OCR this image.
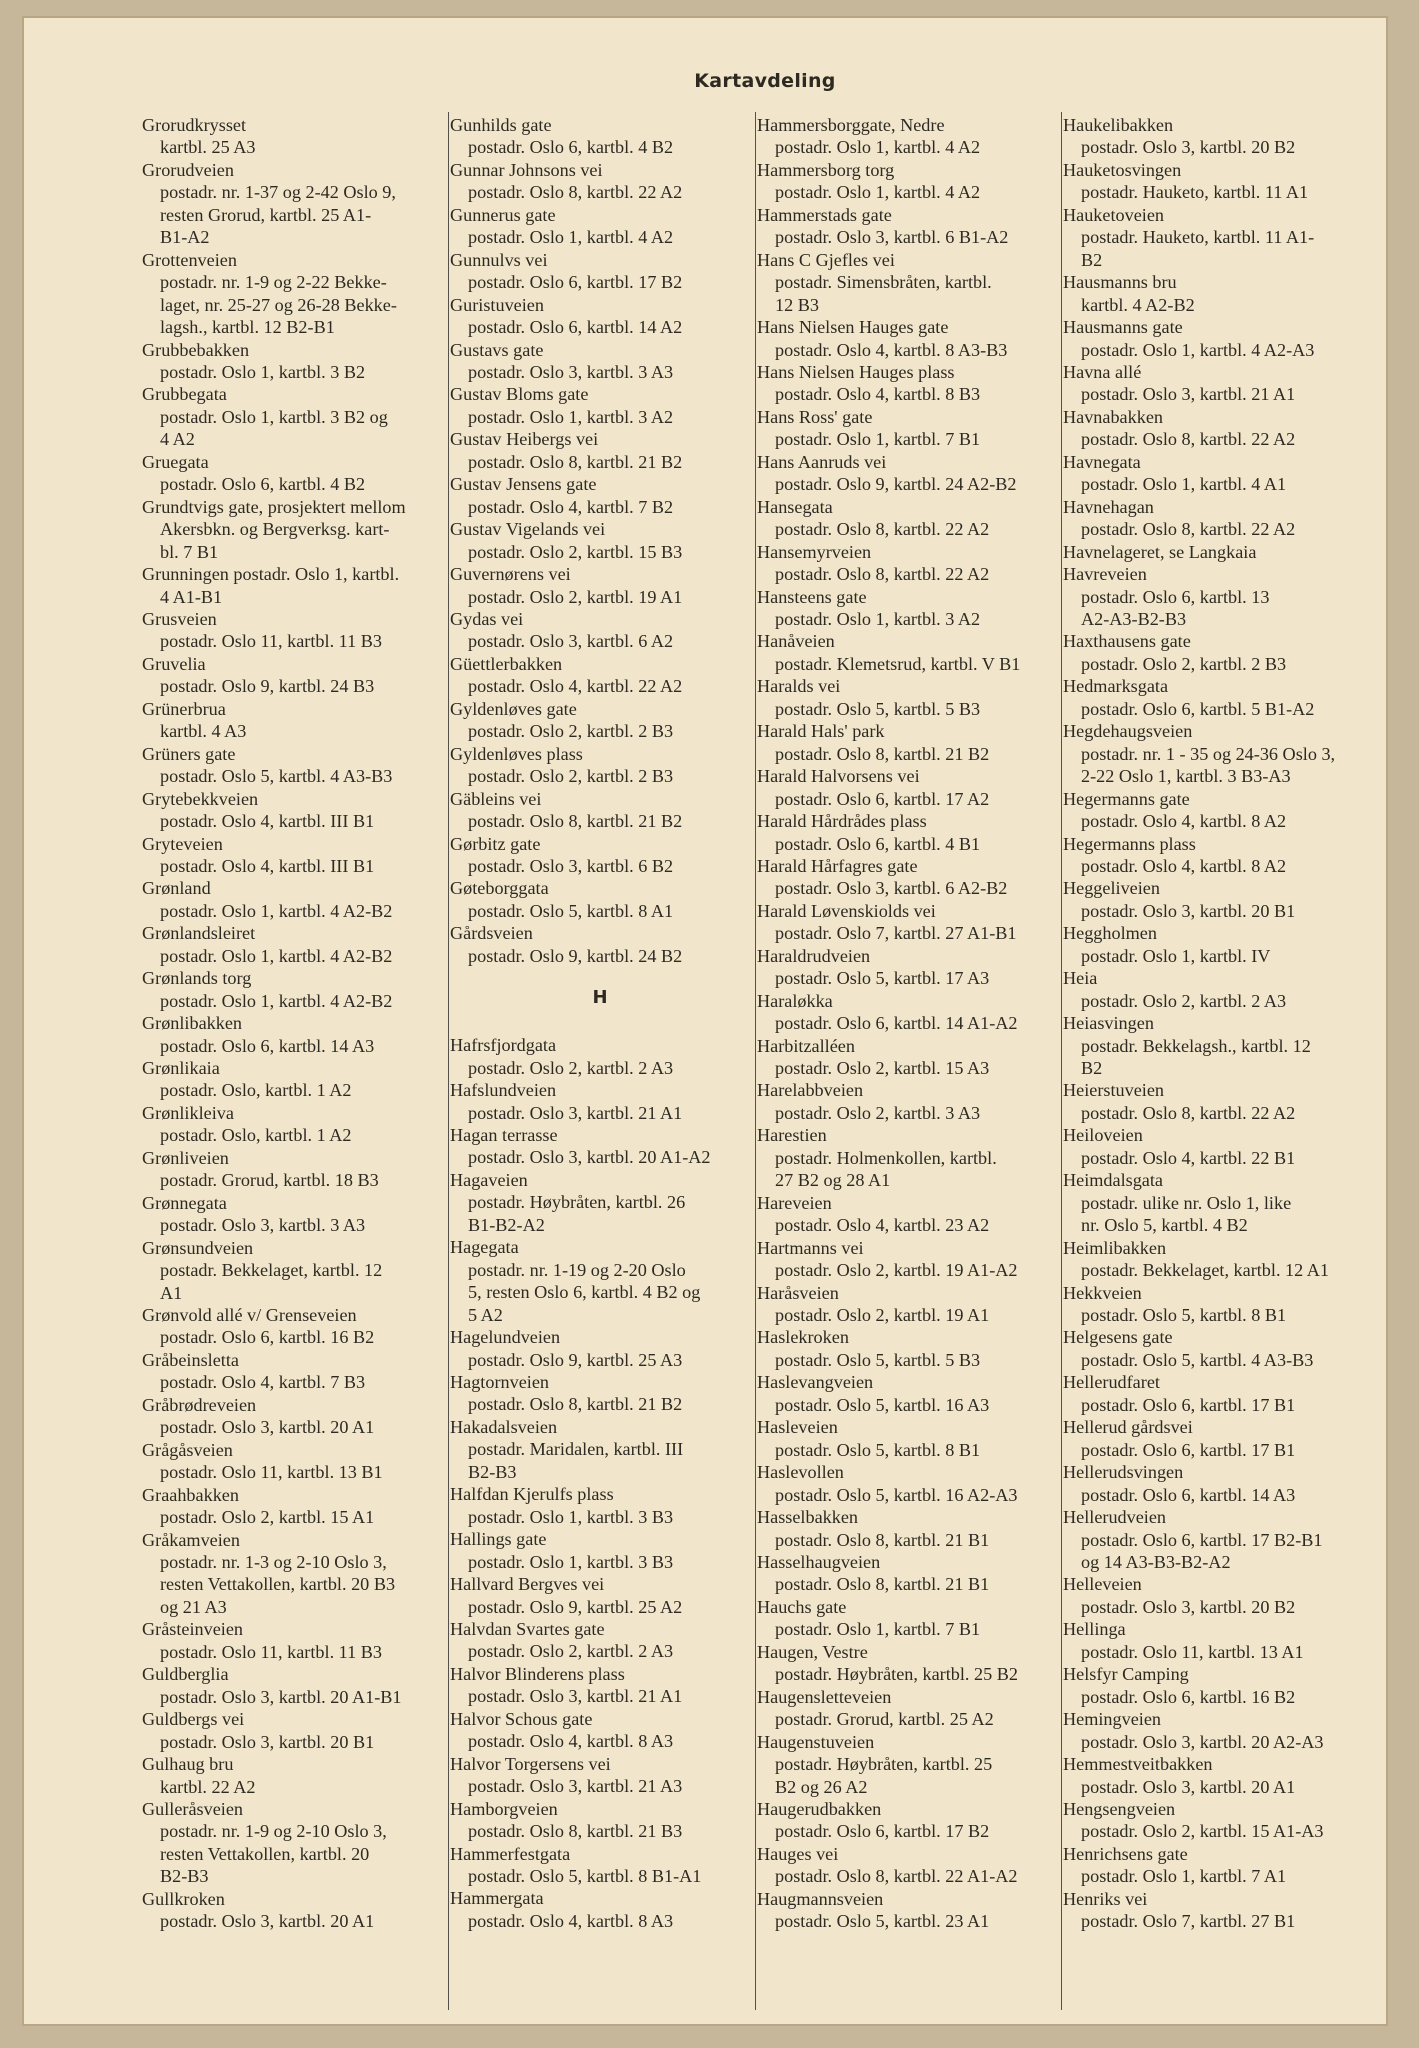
Kartavdeling
Grorudkrysset
kartbl. 25 A3
Grorudveien
postadr. nr. 1-37 og 2-42 Oslo 9,
resten Grorud, kartbl. 25 A1-
B1-A2
Grottenveien
postadr. nr. 1-9 og 2-22 Bekke-
laget, nr. 25-27 og 26-28 Bekke-
lagsh., kartbl. 12 B2-B1
Grubbebakken
postadr. Oslo 1, kartbl. 3 B2
Grubbegata
postadr. Oslo 1, kartbl. 3 B2 og
4 A2
Gruegata
postadr. Oslo 6, kartbl. 4 B2
Grundtvigs gate, prosjektert mellom
Akersbkn. og Bergverksg. kart-
bl. 7 B1
Grunningen postadr. Oslo 1, kartbl.
4 A1-B1
Grusveien
postadr. Oslo 11, kartbl. 11 B3
Gruvelia
postadr. Oslo 9, kartbl. 24 B3
Grünerbrua
kartbl. 4 A3
Grüners gate
postadr. Oslo 5, kartbl. 4 A3-B3
Grytebekkveien
postadr. Oslo 4, kartbl. III B1
Gryteveien
postadr. Oslo 4, kartbl. III B1
Grønland
postadr. Oslo 1, kartbl. 4 A2-B2
Grønlandsleiret
postadr. Oslo 1, kartbl. 4 A2-B2
Grønlands torg
postadr. Oslo 1, kartbl. 4 A2-B2
Grønlibakken
postadr. Oslo 6, kartbl. 14 A3
Grønlikaia
postadr. Oslo, kartbl. 1 A2
Grønlikleiva
postadr. Oslo, kartbl. 1 A2
Grønliveien
postadr. Grorud, kartbl. 18 B3
Grønnegata
postadr. Oslo 3, kartbl. 3 A3
Grønsundveien
postadr. Bekkelaget, kartbl. 12
A1
Grønvold allé v/ Grenseveien
postadr. Oslo 6, kartbl. 16 B2
Gråbeinsletta
postadr. Oslo 4, kartbl. 7 B3
Gråbrødreveien
postadr. Oslo 3, kartbl. 20 A1
Grågåsveien
postadr. Oslo 11, kartbl. 13 B1
Graahbakken
postadr. Oslo 2, kartbl. 15 A1
Gråkamveien
postadr. nr. 1-3 og 2-10 Oslo 3,
resten Vettakollen, kartbl. 20 B3
og 21 A3
Gråsteinveien
postadr. Oslo 11, kartbl. 11 B3
Guldberglia
postadr. Oslo 3, kartbl. 20 A1-B1
Guldbergs vei
postadr. Oslo 3, kartbl. 20 B1
Gulhaug bru
kartbl. 22 A2
Gulleråsveien
postadr. nr. 1-9 og 2-10 Oslo 3,
resten Vettakollen, kartbl. 20
B2-B3
Gullkroken
postadr. Oslo 3, kartbl. 20 A1
Gunhilds gate
postadr. Oslo 6, kartbl. 4 B2
Gunnar Johnsons vei
postadr. Oslo 8, kartbl. 22 A2
Gunnerus gate
postadr. Oslo 1, kartbl. 4 A2
Gunnulvs vei
postadr. Oslo 6, kartbl. 17 B2
Guristuveien
postadr. Oslo 6, kartbl. 14 A2
Gustavs gate
postadr. Oslo 3, kartbl. 3 A3
Gustav Bloms gate
postadr. Oslo 1, kartbl. 3 A2
Gustav Heibergs vei
postadr. Oslo 8, kartbl. 21 B2
Gustav Jensens gate
postadr. Oslo 4, kartbl. 7 B2
Gustav Vigelands vei
postadr. Oslo 2, kartbl. 15 B3
Guvernørens vei
postadr. Oslo 2, kartbl. 19 A1
Gydas vei
postadr. Oslo 3, kartbl. 6 A2
Güettlerbakken
postadr. Oslo 4, kartbl. 22 A2
Gyldenløves gate
postadr. Oslo 2, kartbl. 2 B3
Gyldenløves plass
postadr. Oslo 2, kartbl. 2 B3
Gäbleins vei
postadr. Oslo 8, kartbl. 21 B2
Gørbitz gate
postadr. Oslo 3, kartbl. 6 B2
Gøteborggata
postadr. Oslo 5, kartbl. 8 A1
Gårdsveien
postadr. Oslo 9, kartbl. 24 B2
H
Hafrsfjordgata
postadr. Oslo 2, kartbl. 2 A3
Hafslundveien
postadr. Oslo 3, kartbl. 21 A1
Hagan terrasse
postadr. Oslo 3, kartbl. 20 A1-A2
Hagaveien
postadr. Høybråten, kartbl. 26
B1-B2-A2
Hagegata
postadr. nr. 1-19 og 2-20 Oslo
5, resten Oslo 6, kartbl. 4 B2 og
5 A2
Hagelundveien
postadr. Oslo 9, kartbl. 25 A3
Hagtornveien
postadr. Oslo 8, kartbl. 21 B2
Hakadalsveien
postadr. Maridalen, kartbl. III
B2-B3
Halfdan Kjerulfs plass
postadr. Oslo 1, kartbl. 3 B3
Hallings gate
postadr. Oslo 1, kartbl. 3 B3
Hallvard Bergves vei
postadr. Oslo 9, kartbl. 25 A2
Halvdan Svartes gate
postadr. Oslo 2, kartbl. 2 A3
Halvor Blinderens plass
postadr. Oslo 3, kartbl. 21 A1
Halvor Schous gate
postadr. Oslo 4, kartbl. 8 A3
Halvor Torgersens vei
postadr. Oslo 3, kartbl. 21 A3
Hamborgveien
postadr. Oslo 8, kartbl. 21 B3
Hammerfestgata
postadr. Oslo 5, kartbl. 8 B1-A1
Hammergata
postadr. Oslo 4, kartbl. 8 A3
Hammersborggate, Nedre
postadr. Oslo 1, kartbl. 4 A2
Hammersborg torg
postadr. Oslo 1, kartbl. 4 A2
Hammerstads gate
postadr. Oslo 3, kartbl. 6 B1-A2
Hans C Gjefles vei
postadr. Simensbråten, kartbl.
12 B3
Hans Nielsen Hauges gate
postadr. Oslo 4, kartbl. 8 A3-B3
Hans Nielsen Hauges plass
postadr. Oslo 4, kartbl. 8 B3
Hans Ross' gate
postadr. Oslo 1, kartbl. 7 B1
Hans Aanruds vei
postadr. Oslo 9, kartbl. 24 A2-B2
Hansegata
postadr. Oslo 8, kartbl. 22 A2
Hansemyrveien
postadr. Oslo 8, kartbl. 22 A2
Hansteens gate
postadr. Oslo 1, kartbl. 3 A2
Hanåveien
postadr. Klemetsrud, kartbl. V B1
Haralds vei
postadr. Oslo 5, kartbl. 5 B3
Harald Hals' park
postadr. Oslo 8, kartbl. 21 B2
Harald Halvorsens vei
postadr. Oslo 6, kartbl. 17 A2
Harald Hårdrådes plass
postadr. Oslo 6, kartbl. 4 B1
Harald Hårfagres gate
postadr. Oslo 3, kartbl. 6 A2-B2
Harald Løvenskiolds vei
postadr. Oslo 7, kartbl. 27 A1-B1
Haraldrudveien
postadr. Oslo 5, kartbl. 17 A3
Haraløkka
postadr. Oslo 6, kartbl. 14 A1-A2
Harbitzalléen
postadr. Oslo 2, kartbl. 15 A3
Harelabbveien
postadr. Oslo 2, kartbl. 3 A3
Harestien
postadr. Holmenkollen, kartbl.
27 B2 og 28 A1
Hareveien
postadr. Oslo 4, kartbl. 23 A2
Hartmanns vei
postadr. Oslo 2, kartbl. 19 A1-A2
Haråsveien
postadr. Oslo 2, kartbl. 19 A1
Haslekroken
postadr. Oslo 5, kartbl. 5 B3
Haslevangveien
postadr. Oslo 5, kartbl. 16 A3
Hasleveien
postadr. Oslo 5, kartbl. 8 B1
Haslevollen
postadr. Oslo 5, kartbl. 16 A2-A3
Hasselbakken
postadr. Oslo 8, kartbl. 21 B1
Hasselhaugveien
postadr. Oslo 8, kartbl. 21 B1
Hauchs gate
postadr. Oslo 1, kartbl. 7 B1
Haugen, Vestre
postadr. Høybråten, kartbl. 25 B2
Haugensletteveien
postadr. Grorud, kartbl. 25 A2
Haugenstuveien
postadr. Høybråten, kartbl. 25
B2 og 26 A2
Haugerudbakken
postadr. Oslo 6, kartbl. 17 B2
Hauges vei
postadr. Oslo 8, kartbl. 22 A1-A2
Haugmannsveien
postadr. Oslo 5, kartbl. 23 A1
Haukelibakken
postadr. Oslo 3, kartbl. 20 B2
Hauketosvingen
postadr. Hauketo, kartbl. 11 A1
Hauketoveien
postadr. Hauketo, kartbl. 11 A1-
B2
Hausmanns bru
kartbl. 4 A2-B2
Hausmanns gate
postadr. Oslo 1, kartbl. 4 A2-A3
Havna allé
postadr. Oslo 3, kartbl. 21 A1
Havnabakken
postadr. Oslo 8, kartbl. 22 A2
Havnegata
postadr. Oslo 1, kartbl. 4 A1
Havnehagan
postadr. Oslo 8, kartbl. 22 A2
Havnelageret, se Langkaia
Havreveien
postadr. Oslo 6, kartbl. 13
A2-A3-B2-B3
Haxthausens gate
postadr. Oslo 2, kartbl. 2 B3
Hedmarksgata
postadr. Oslo 6, kartbl. 5 B1-A2
Hegdehaugsveien
postadr. nr. 1 - 35 og 24-36 Oslo 3,
2-22 Oslo 1, kartbl. 3 B3-A3
Hegermanns gate
postadr. Oslo 4, kartbl. 8 A2
Hegermanns plass
postadr. Oslo 4, kartbl. 8 A2
Heggeliveien
postadr. Oslo 3, kartbl. 20 B1
Heggholmen
postadr. Oslo 1, kartbl. IV
Heia
postadr. Oslo 2, kartbl. 2 A3
Heiasvingen
postadr. Bekkelagsh., kartbl. 12
B2
Heierstuveien
postadr. Oslo 8, kartbl. 22 A2
Heiloveien
postadr. Oslo 4, kartbl. 22 B1
Heimdalsgata
postadr. ulike nr. Oslo 1, like
nr. Oslo 5, kartbl. 4 B2
Heimlibakken
postadr. Bekkelaget, kartbl. 12 A1
Hekkveien
postadr. Oslo 5, kartbl. 8 B1
Helgesens gate
postadr. Oslo 5, kartbl. 4 A3-B3
Hellerudfaret
postadr. Oslo 6, kartbl. 17 B1
Hellerud gårdsvei
postadr. Oslo 6, kartbl. 17 B1
Hellerudsvingen
postadr. Oslo 6, kartbl. 14 A3
Hellerudveien
postadr. Oslo 6, kartbl. 17 B2-B1
og 14 A3-B3-B2-A2
Helleveien
postadr. Oslo 3, kartbl. 20 B2
Hellinga
postadr. Oslo 11, kartbl. 13 A1
Helsfyr Camping
postadr. Oslo 6, kartbl. 16 B2
Hemingveien
postadr. Oslo 3, kartbl. 20 A2-A3
Hemmestveitbakken
postadr. Oslo 3, kartbl. 20 A1
Hengsengveien
postadr. Oslo 2, kartbl. 15 A1-A3
Henrichsens gate
postadr. Oslo 1, kartbl. 7 A1
Henriks vei
postadr. Oslo 7, kartbl. 27 B1
